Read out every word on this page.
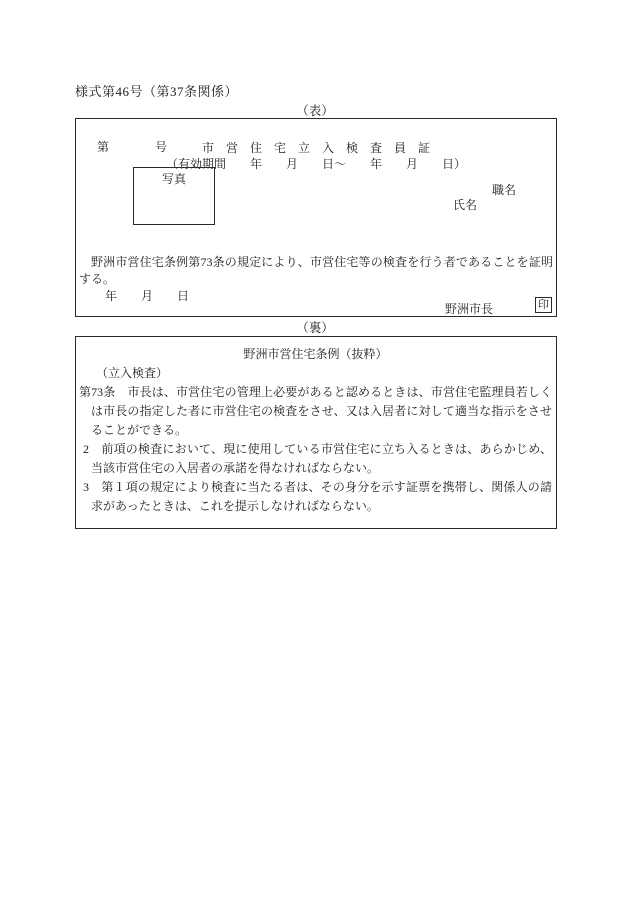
様式第46号（第37条関係）
（表）

第	号
	市　営　住　宅　立　入　検　査　員　証
（有効期間　　年　　月　　日～　　年　　月　　日）
写真
職名
氏名

野洲市営住宅条例第73条の規定により、市営住宅等の検査を行う者であることを証明する。

年　　月　　日
野洲市長	印
（裏）
野洲市営住宅条例（抜粋）
（立入検査）

第73条　市長は、市営住宅の管理上必要があると認めるときは、市営住宅監理員若しくは市長の指定した者に市営住宅の検査をさせ、又は入居者に対して適当な指示をさせることができる。

2　前項の検査において、現に使用している市営住宅に立ち入るときは、あらかじめ、当該市営住宅の入居者の承諾を得なければならない。

3　第１項の規定により検査に当たる者は、その身分を示す証票を携帯し、関係人の請求があったときは、これを提示しなければならない。
